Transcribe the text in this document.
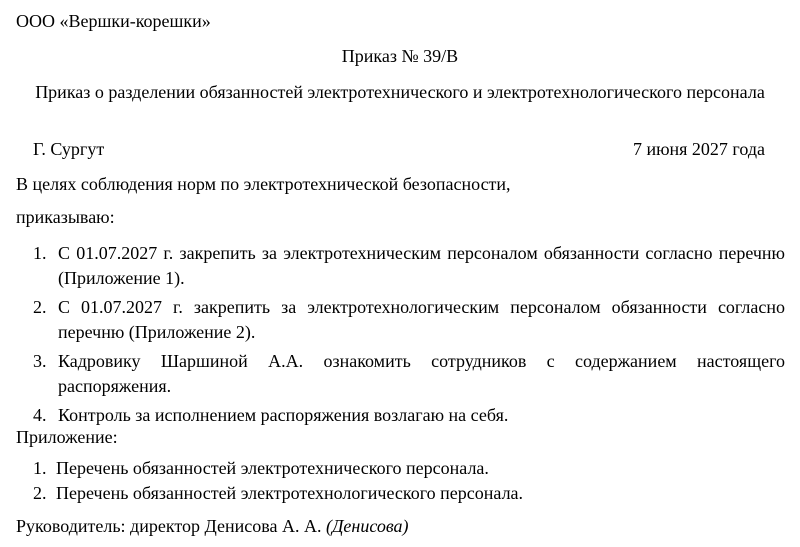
ООО «Вершки-корешки»

Приказ № 39/В

Приказ о разделении обязанностей электротехнического и электротехнологического персонала

Г. Сургут	7 июня 2027 года

В целях соблюдения норм по электротехнической безопасности,

приказываю:

1. С 01.07.2027 г. закрепить за электротехническим персоналом обязанности согласно перечню (Приложение 1).
2. С 01.07.2027 г. закрепить за электротехнологическим персоналом обязанности согласно перечню (Приложение 2).
3. Кадровику Шаршиной А.А. ознакомить сотрудников с содержанием настоящего распоряжения.
4. Контроль за исполнением распоряжения возлагаю на себя.

Приложение:

1. Перечень обязанностей электротехнического персонала.
2. Перечень обязанностей электротехнологического персонала.

Руководитель: директор Денисова А. А. (Денисова)
